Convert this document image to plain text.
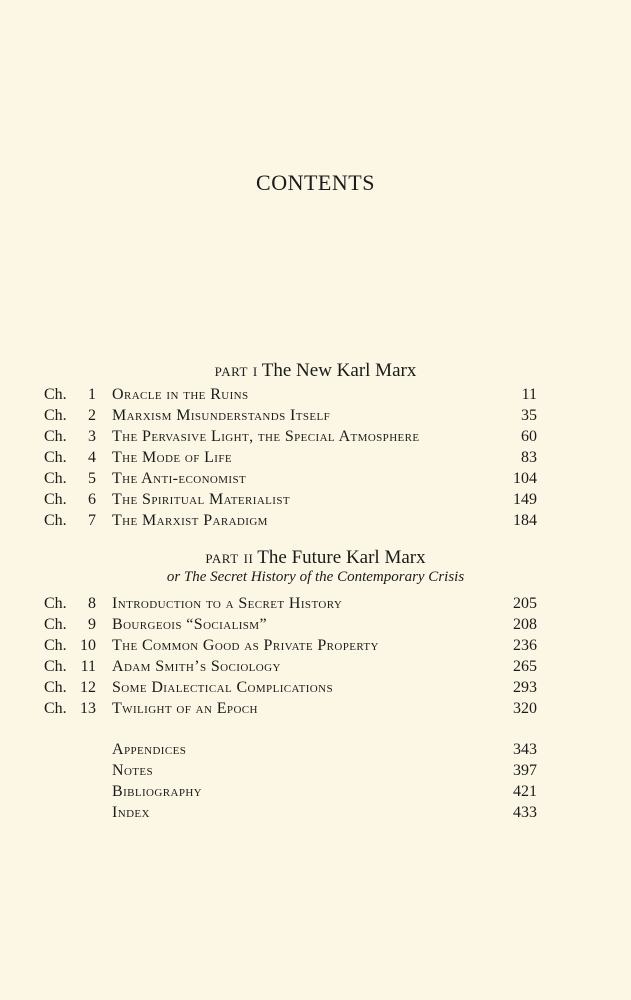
CONTENTS
part i The New Karl Marx
Ch. 1 Oracle in the Ruins	11
Ch. 2 Marxism Misunderstands Itself	35
Ch. 3 The Pervasive Light, the Special Atmosphere	60
Ch. 4 The Mode of Life	83
Ch. 5 The Anti-economist	104
Ch. 6 The Spiritual Materialist	149
Ch. 7 The Marxist Paradigm	184
part ii The Future Karl Marx
or The Secret History of the Contemporary Crisis
Ch. 8 Introduction to a Secret History	205
Ch. 9 Bourgeois “Socialism”	208
Ch. 10 The Common Good as Private Property	236
Ch. 11 Adam Smith’s Sociology	265
Ch. 12 Some Dialectical Complications	293
Ch. 13 Twilight of an Epoch	320
Appendices	343
Notes	397
Bibliography	421
Index	433
